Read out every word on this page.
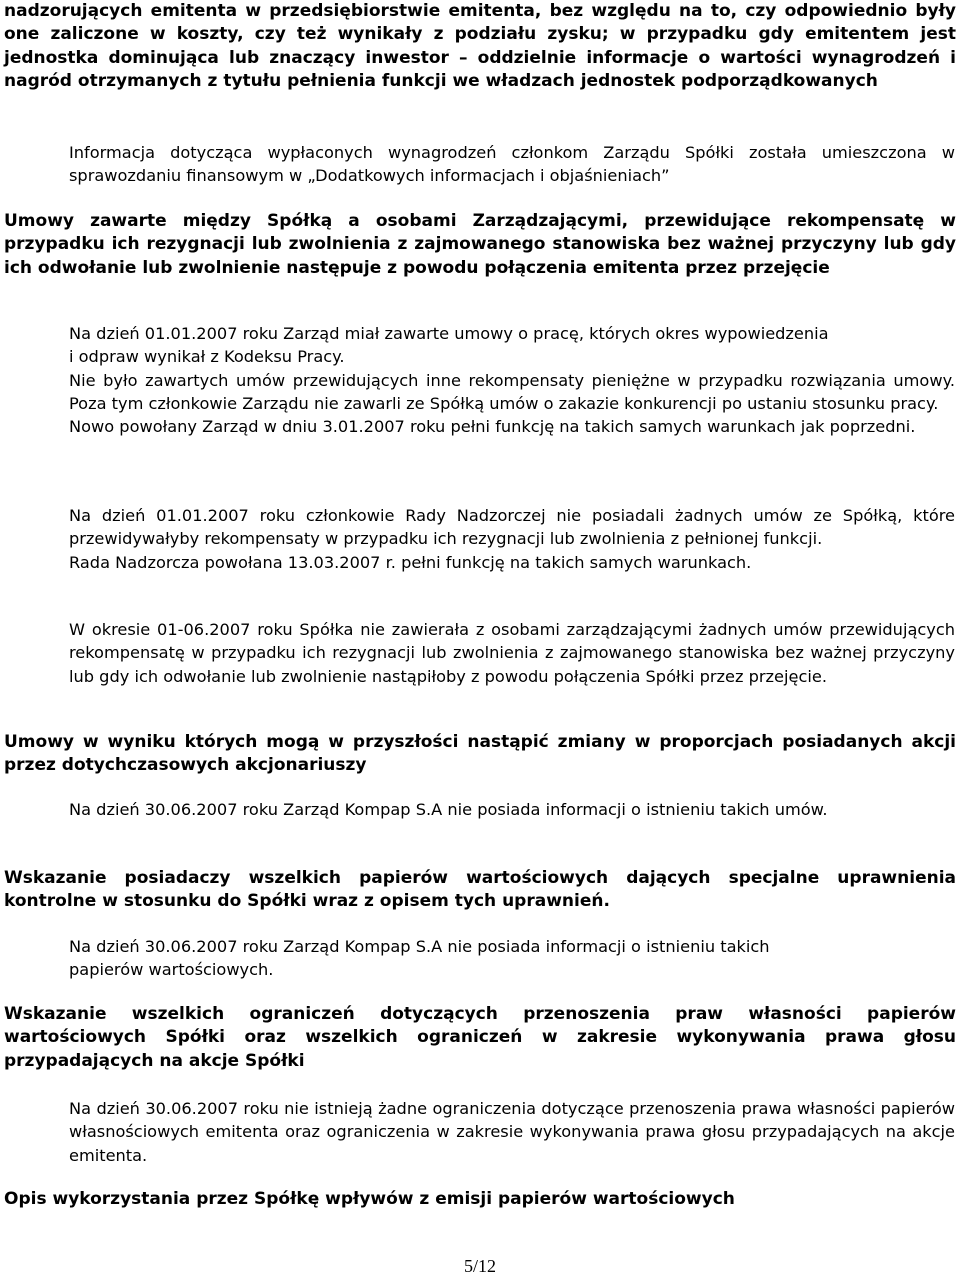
nadzorujących emitenta w przedsiębiorstwie emitenta, bez względu na to, czy odpowiednio były one zaliczone w koszty, czy też wynikały z podziału zysku; w przypadku gdy emitentem jest jednostka dominująca lub znaczący inwestor – oddzielnie informacje o wartości wynagrodzeń i nagród otrzymanych z tytułu pełnienia funkcji we władzach jednostek podporządkowanych

Informacja dotycząca wypłaconych wynagrodzeń członkom Zarządu Spółki została umieszczona w sprawozdaniu finansowym w „Dodatkowych informacjach i objaśnieniach”

Umowy zawarte między Spółką a osobami Zarządzającymi, przewidujące rekompensatę w przypadku ich rezygnacji lub zwolnienia z zajmowanego stanowiska bez ważnej przyczyny lub gdy ich odwołanie lub zwolnienie następuje z powodu połączenia emitenta przez przejęcie

Na dzień 01.01.2007 roku Zarząd miał zawarte umowy o pracę, których okres wypowiedzenia
i odpraw wynikał z Kodeksu Pracy.
Nie było zawartych umów przewidujących inne rekompensaty pieniężne w przypadku rozwiązania umowy. Poza tym członkowie Zarządu nie zawarli ze Spółką umów o zakazie konkurencji po ustaniu stosunku pracy.
Nowo powołany Zarząd w dniu 3.01.2007 roku pełni funkcję na takich samych warunkach jak poprzedni.
Na dzień 01.01.2007 roku członkowie Rady Nadzorczej nie posiadali żadnych umów ze Spółką, które przewidywałyby rekompensaty w przypadku ich rezygnacji lub zwolnienia z pełnionej funkcji.
Rada Nadzorcza powołana 13.03.2007 r. pełni funkcję na takich samych warunkach.

W okresie 01-06.2007 roku Spółka nie zawierała z osobami zarządzającymi żadnych umów przewidujących rekompensatę w przypadku ich rezygnacji lub zwolnienia z zajmowanego stanowiska bez ważnej przyczyny lub gdy ich odwołanie lub zwolnienie nastąpiłoby z powodu połączenia Spółki przez przejęcie.

Umowy w wyniku których mogą w przyszłości nastąpić zmiany w proporcjach posiadanych akcji przez dotychczasowych akcjonariuszy

Na dzień 30.06.2007 roku Zarząd Kompap S.A nie posiada informacji o istnieniu takich umów.

Wskazanie posiadaczy wszelkich papierów wartościowych dających specjalne uprawnienia kontrolne w stosunku do Spółki wraz z opisem tych uprawnień.

Na dzień 30.06.2007 roku Zarząd Kompap S.A nie posiada informacji o istnieniu takich
papierów wartościowych.

Wskazanie wszelkich ograniczeń dotyczących przenoszenia praw własności papierów wartościowych Spółki oraz wszelkich ograniczeń w zakresie wykonywania prawa głosu przypadających na akcje Spółki

Na dzień 30.06.2007 roku nie istnieją żadne ograniczenia dotyczące przenoszenia prawa własności papierów własnościowych emitenta oraz ograniczenia w zakresie wykonywania prawa głosu przypadających na akcje emitenta.

Opis wykorzystania przez Spółkę wpływów z emisji papierów wartościowych

5/12
